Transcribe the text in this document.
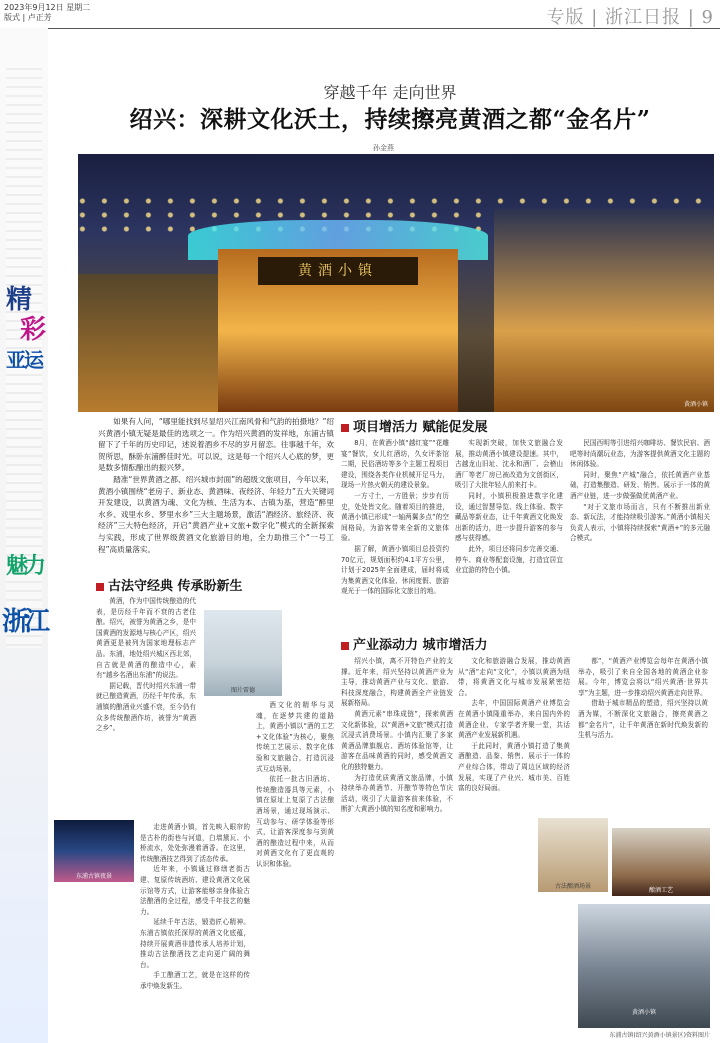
2023年9月12日 星期二
版式 | 卢正芳	专版 | 浙江日报 | 9
精
彩
亚
运
魅
力
浙
江
穿越千年 走向世界
绍兴：深耕文化沃土，持续擦亮黄酒之都“金名片”
孙金燕
黄酒小镇
黄酒小镇

如果有人问，“哪里能找到尽显绍兴江南风骨和气韵的拍摄地？”绍兴黄酒小镇无疑是最佳的选项之一。作为绍兴黄酒的发祥地，东浦古镇留下了千年的历史印记，述说着酒乡不尽的岁月留恋。往事越千年，欢贺所思，酥卧东浦醉佳时光。可以说，这是每一个绍兴人心底的梦，更是数多情酝酿出的振兴梦。

踏准“世界黄酒之都、绍兴城市封面”的超级文旅项目，今年以来，黄酒小镇围绕“老房子、新业态、黄酒味、夜经济、年轻力”五大关键词开发建设，以黄酒为魂、文化为核、生活为本、古镇为基，营造“醉里水乡、戏里水乡、梦里水乡”三大主题场景，激活“酒经济、旅经济、夜经济”三大特色经济，开启“黄酒产业+文旅+数字化”模式的全新探索与实践，形成了世界级黄酒文化旅游目的地，全力助推三个“一号工程”高质量落实。

古法守经典 传承盼新生

黄酒，作为中国传统酿造的代表，是历经千年而不衰的古老佳酿。绍兴，被誉为黄酒之乡，是中国黄酒的发源地与核心产区，绍兴黄酒更是被列为国家地理标志产品。东浦，地处绍兴城区西北郊，自古就是黄酒的酿造中心，素有“越乡名酒出东浦”的说法。

据记载，晋代时绍兴东浦一带就已酿造黄酒，历经千年传承，东浦镇的酿酒业兴盛不衰，至今仍有众多传统酿酒作坊，被誉为“黄酒之乡”。

图片雷德
东浦古镇夜景

走进黄酒小镇，首先映入眼帘的是古朴的街巷与河道，白墙黛瓦、小桥流水，处处弥漫着酒香。在这里，传统酿酒技艺得到了活态传承。

近年来，小镇通过修缮老街古建、复原传统酒坊、建设黄酒文化展示馆等方式，让游客能够亲身体验古法酿酒的全过程，感受千年技艺的魅力。

延续千年古法，锻造匠心精神。东浦古镇依托深厚的黄酒文化底蕴，持续开展黄酒非遗传承人培养计划，推动古法酿酒技艺走向更广阔的舞台。

手工酿酒工艺，就是在这样的传承中焕发新生。

酒文化的精华与灵魂，在逐梦共建的道路上，黄酒小镇以“酒的工艺+文化体验”为核心，聚焦传统工艺展示、数字化体验和文旅融合，打造沉浸式互动场景。

依托一批古旧酒坊、传统酿造器具等元素，小镇在原址上复原了古法酿酒场景，通过现场演示、互动参与、研学体验等形式，让游客深度参与到黄酒的酿造过程中来，从而对黄酒文化有了更直观的认识和体验。

项目增活力 赋能促发展

8月，在黄酒小镇“越红宴”“花雕宴”餐饮，女儿红酒坊，久女评茶馆二期，民俗酒坊等多个主题工程项目建设，围绕各类作业机械开足马力，现场一片热火朝天的建设景象。

一方寸土，一方胜景；步步有历史，处处皆文化。随着项目的推进，黄酒小镇已形成“一轴两翼多点”的空间格局，为游客带来全新的文旅体验。

据了解，黄酒小镇项目总投资约70亿元，规划面积约4.1平方公里，计划于2025年全面建成，届时将成为集黄酒文化体验、休闲度假、旅游观光于一体的国际化文旅目的地。

实现新突破，加快文旅融合发展，推动黄酒小镇建设提速。其中，古越龙山旧址、沈永和酒厂、会稽山酒厂等老厂房已被改造为文创街区，吸引了大批年轻人前来打卡。

同时，小镇积极推进数字化建设，通过智慧导览、线上体验、数字藏品等新业态，让千年黄酒文化焕发出新的活力，进一步提升游客的参与感与获得感。

此外，项目还将同步完善交通、停车、商业等配套设施，打造宜居宜业宜游的特色小镇。

民国西明等引进绍兴咖啡坊、餐饮民宿、酒吧等时尚潮玩业态，为游客提供黄酒文化主题的休闲体验。

同时，聚焦“产城”融合，依托黄酒产业基础，打造集酿造、研发、销售、展示于一体的黄酒产业链，进一步做强做优黄酒产业。

“对于文旅市场而言，只有不断推出新业态、新玩法，才能持续吸引游客。”黄酒小镇相关负责人表示，小镇将持续探索“黄酒+”的多元融合模式。

产业添动力 城市增活力

绍兴小镇，离不开特色产业的支撑。近年来，绍兴坚持以黄酒产业为主导，推动黄酒产业与文化、旅游、科技深度融合，构建黄酒全产业链发展新格局。

黄酒元素“串珠成链”，探索黄酒文化新体验，以“黄酒+文旅”模式打造沉浸式消费场景。小镇内汇聚了多家黄酒品牌旗舰店、酒坊体验馆等，让游客在品味黄酒的同时，感受黄酒文化的独特魅力。

为打造优质黄酒文旅品牌，小镇持续举办黄酒节、开酿节等特色节庆活动，吸引了大量游客前来体验，不断扩大黄酒小镇的知名度和影响力。

文化和旅游融合发展，推动黄酒从“酒”走向“文化”，小镇以黄酒为纽带，将黄酒文化与城市发展紧密结合。

去年，中国国际黄酒产业博览会在黄酒小镇隆重举办，来自国内外的黄酒企业、专家学者齐聚一堂，共话黄酒产业发展新机遇。

于此同时，黄酒小镇打造了集黄酒酿造、品鉴、销售、展示于一体的产业综合体，带动了周边区域的经济发展，实现了产业兴、城市美、百姓富的良好局面。

都”，“黄酒产业博览会每年在黄酒小镇举办，吸引了来自全国各地的黄酒企业参展。今年，博览会将以“绍兴黄酒·世界共享”为主题，进一步推动绍兴黄酒走向世界。

借助于城市精品的塑造，绍兴坚持以黄酒为媒，不断深化文旅融合，擦亮黄酒之都“金名片”，让千年黄酒在新时代焕发新的生机与活力。

古法酿酒场景
酿酒工艺
黄酒小镇
东浦古镇(绍兴黄酒小镇景区)资料图片
